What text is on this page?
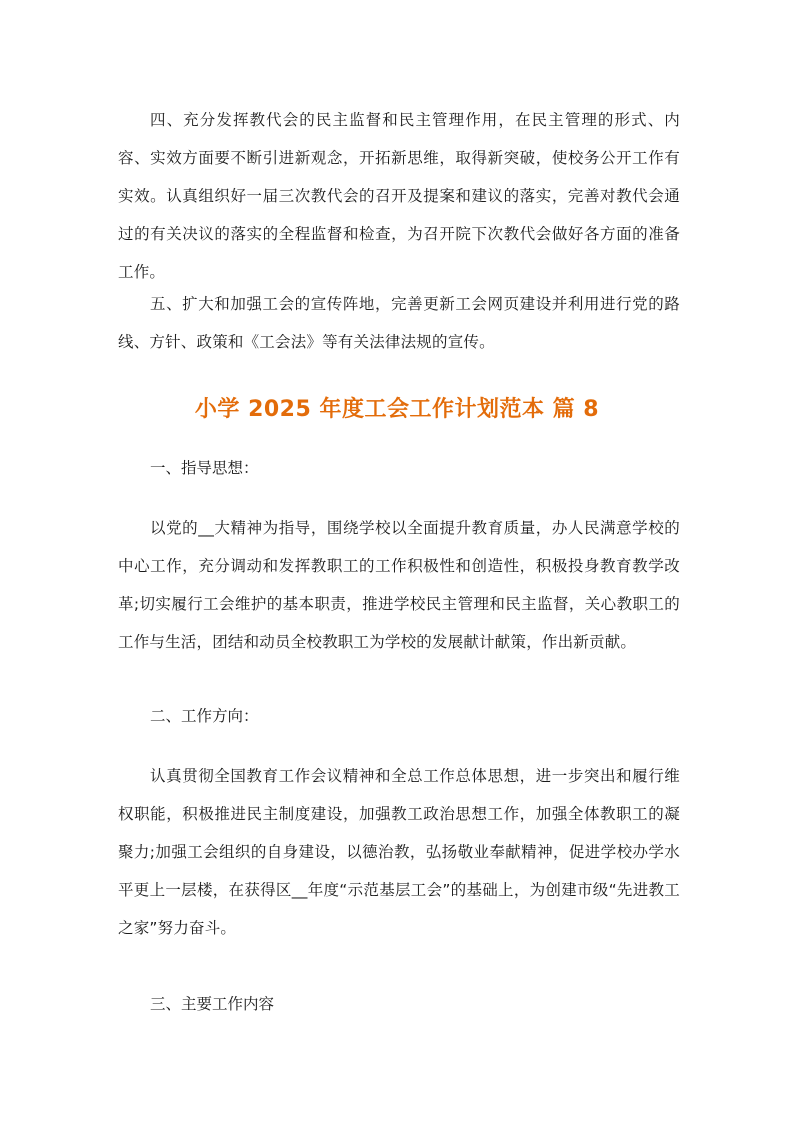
四、充分发挥教代会的民主监督和民主管理作用，在民主管理的形式、内容、实效方面要不断引进新观念，开拓新思维，取得新突破，使校务公开工作有实效。认真组织好一届三次教代会的召开及提案和建议的落实，完善对教代会通过的有关决议的落实的全程监督和检查，为召开院下次教代会做好各方面的准备工作。

五、扩大和加强工会的宣传阵地，完善更新工会网页建设并利用进行党的路线、方针、政策和《工会法》等有关法律法规的宣传。

小学 2025 年度工会工作计划范本 篇 8

一、指导思想：

以党的__大精神为指导，围绕学校以全面提升教育质量，办人民满意学校的中心工作，充分调动和发挥教职工的工作积极性和创造性，积极投身教育教学改革;切实履行工会维护的基本职责，推进学校民主管理和民主监督，关心教职工的工作与生活，团结和动员全校教职工为学校的发展献计献策，作出新贡献。

二、工作方向：

认真贯彻全国教育工作会议精神和全总工作总体思想，进一步突出和履行维权职能，积极推进民主制度建设，加强教工政治思想工作，加强全体教职工的凝聚力;加强工会组织的自身建设，以德治教，弘扬敬业奉献精神，促进学校办学水平更上一层楼，在获得区__年度“示范基层工会”的基础上，为创建市级“先进教工之家”努力奋斗。

三、主要工作内容
